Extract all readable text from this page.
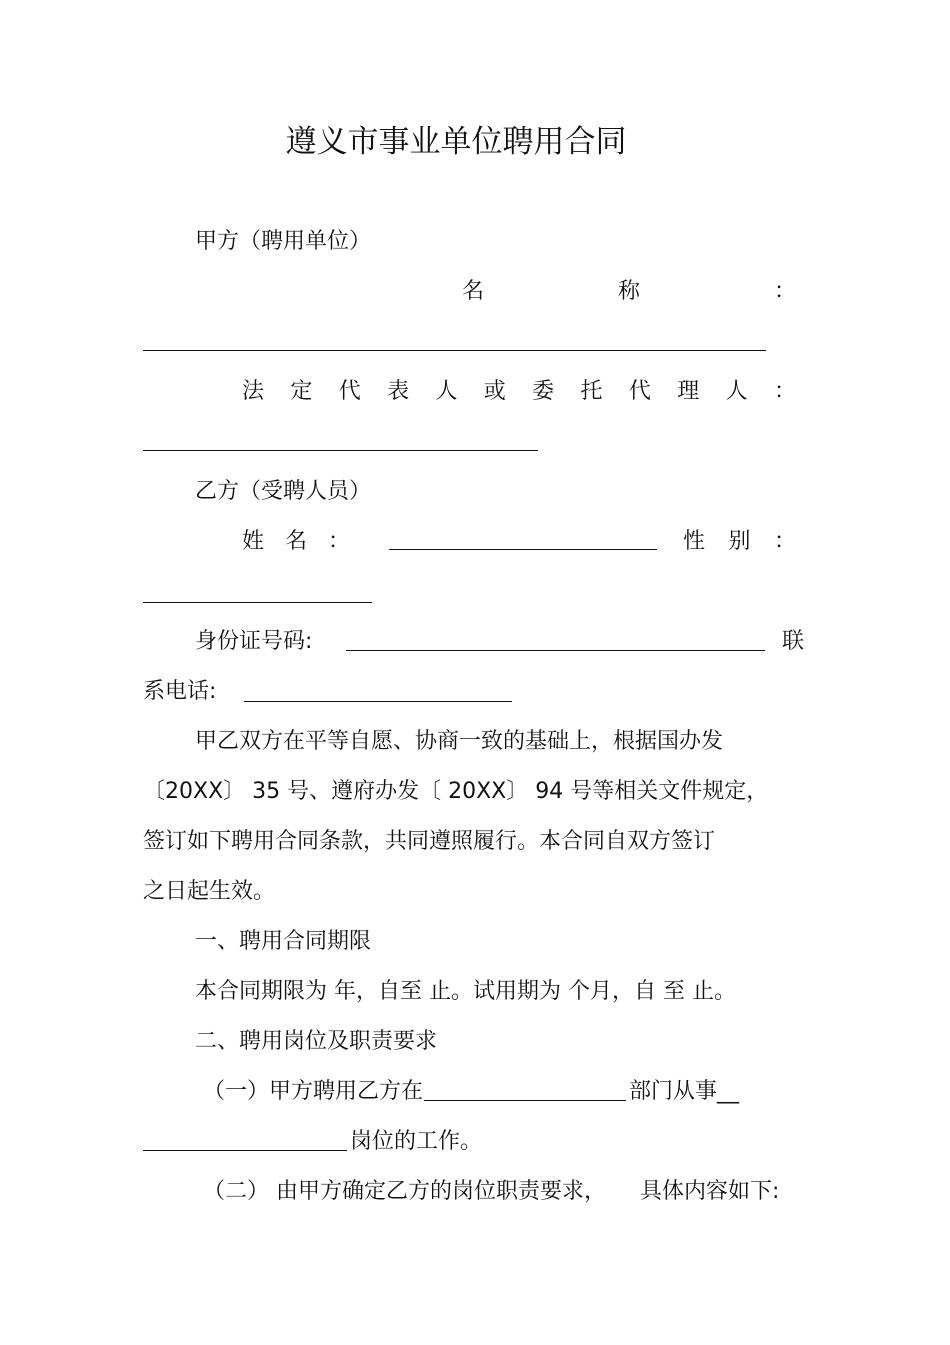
遵义市事业单位聘用合同
甲方（聘用单位）
名	称	：
法 定 代 表 人 或 委 托 代 理 人 ：
乙方（受聘人员）
姓 名 ：	性 别 ：
身份证号码:	联
系电话:
甲乙双方在平等自愿、协商一致的基础上，根据国办发
〔20XX〕 35 号、遵府办发〔 20XX〕 94 号等相关文件规定，
签订如下聘用合同条款，共同遵照履行。本合同自双方签订
之日起生效。
一、聘用合同期限
本合同期限为 年，自至 止。试用期为 个月，自 至 止。
二、聘用岗位及职责要求
（一）甲方聘用乙方在	部门从事__
岗位的工作。
（二） 由甲方确定乙方的岗位职责要求， 具体内容如下:
